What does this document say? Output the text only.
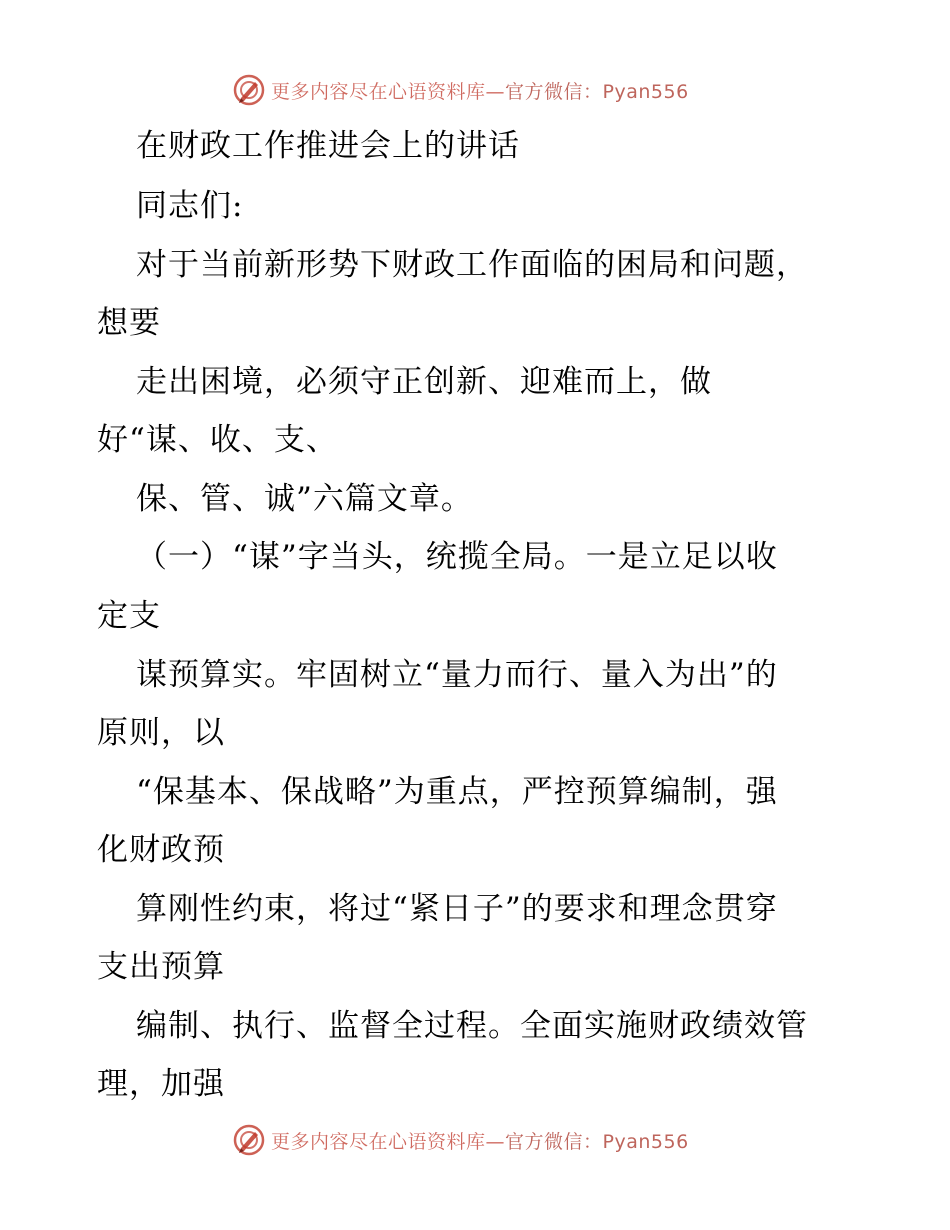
更多内容尽在心语资料库—官方微信：Pyan556
在财政工作推进会上的讲话
同志们:
对于当前新形势下财政工作面临的困局和问题，
想要
走出困境，必须守正创新、迎难而上，做
好“谋、收、支、
保、管、诚”六篇文章。
（一）“谋”字当头，统揽全局。一是立足以收
定支
谋预算实。牢固树立“量力而行、量入为出”的
原则，以
“保基本、保战略”为重点，严控预算编制，强
化财政预
算刚性约束，将过“紧日子”的要求和理念贯穿
支出预算
编制、执行、监督全过程。全面实施财政绩效管
理，加强
更多内容尽在心语资料库—官方微信：Pyan556
